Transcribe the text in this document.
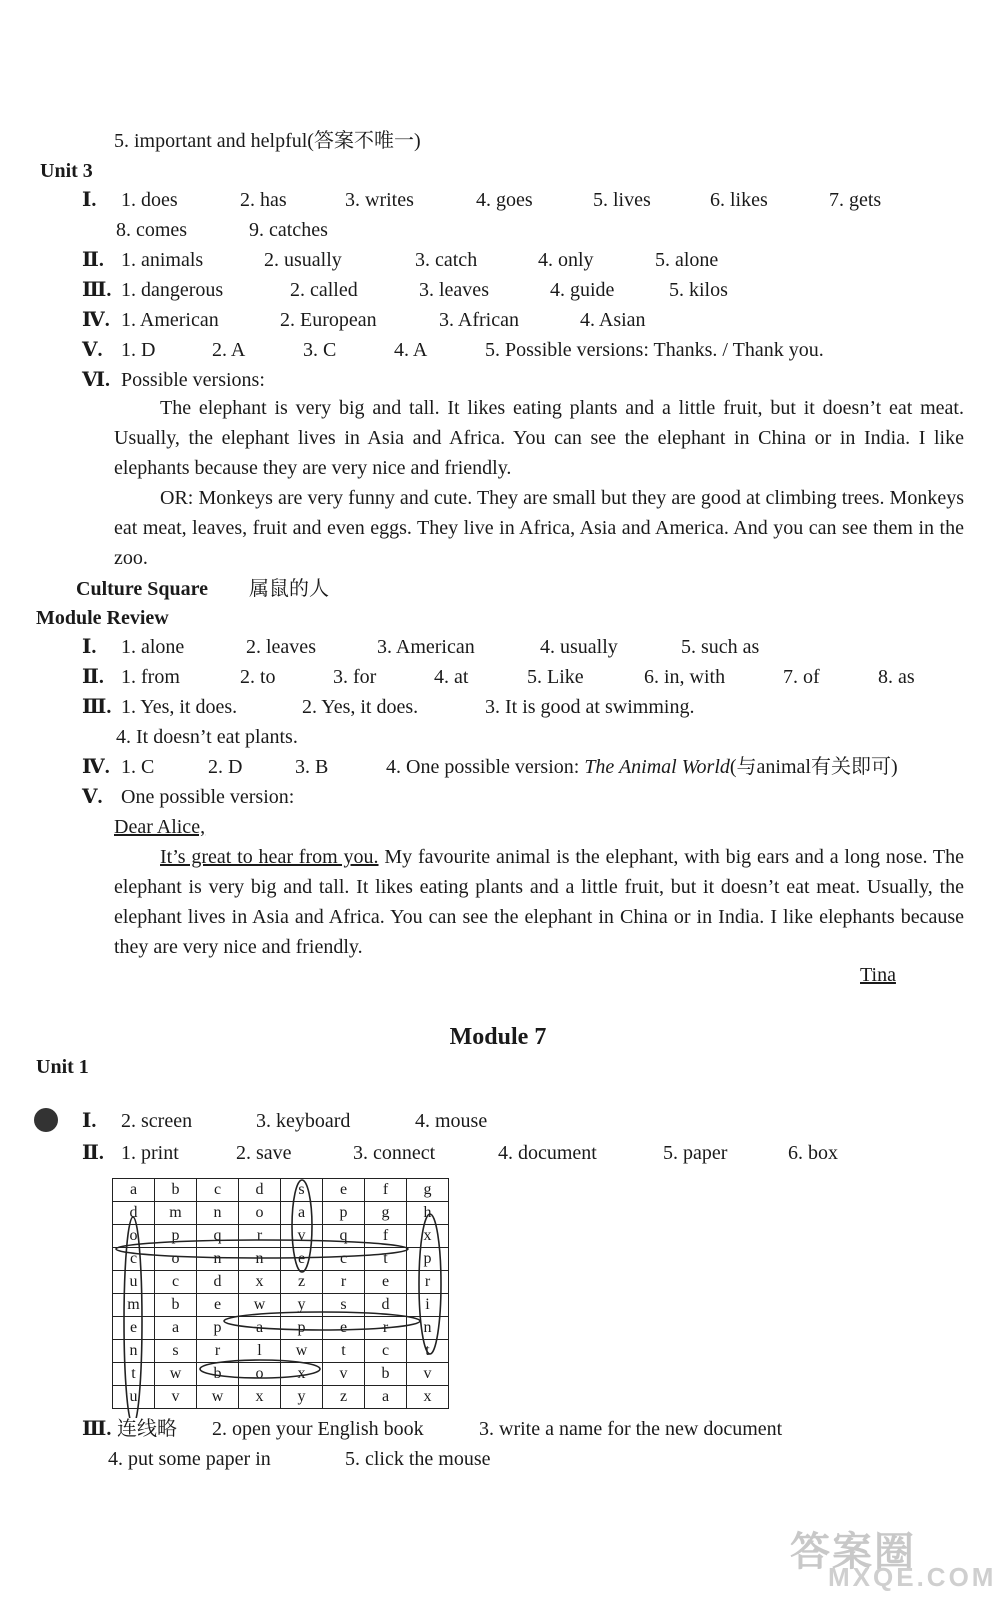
5. important and helpful(答案不唯一)
Unit 3
Ⅰ. 1. does	2. has	3. writes	4. goes	5. lives	6. likes	7. gets
8. comes	9. catches
Ⅱ. 1. animals	2. usually	3. catch	4. only	5. alone
Ⅲ. 1. dangerous	2. called	3. leaves	4. guide	5. kilos
Ⅳ. 1. American	2. European	3. African	4. Asian
Ⅴ. 1. D	2. A	3. C	4. A	5. Possible versions: Thanks. / Thank you.
Ⅵ. Possible versions:

The elephant is very big and tall. It likes eating plants and a little fruit, but it doesn’t eat meat. Usually, the elephant lives in Asia and Africa. You can see the elephant in China or in India. I like elephants because they are very nice and friendly.

OR: Monkeys are very funny and cute. They are small but they are good at climbing trees. Monkeys eat meat, leaves, fruit and even eggs. They live in Africa, Asia and America. And you can see them in the zoo.

Culture Square 属鼠的人
Module Review
Ⅰ. 1. alone	2. leaves	3. American	4. usually	5. such as
Ⅱ. 1. from	2. to	3. for	4. at	5. Like	6. in, with	7. of	8. as
Ⅲ. 1. Yes, it does.	2. Yes, it does.	3. It is good at swimming.
4. It doesn’t eat plants.
Ⅳ. 1. C	2. D	3. B	4. One possible version: The Animal World(与animal有关即可)
Ⅴ. One possible version:
Dear Alice,

It’s great to hear from you. My favourite animal is the elephant, with big ears and a long nose. The elephant is very big and tall. It likes eating plants and a little fruit, but it doesn’t eat meat. Usually, the elephant lives in Asia and Africa. You can see the elephant in China or in India. I like elephants because they are very nice and friendly.

Tina
Module 7
Unit 1
Ⅰ. 2. screen	3. keyboard	4. mouse
Ⅱ. 1. print	2. save	3. connect	4. document	5. paper	6. box
a	b	c	d	s	e	f	g
d	m	n	o	a	p	g	h
o	p	q	r	v	q	f	x
c	o	n	n	e	c	t	p
u	c	d	x	z	r	e	r
m	b	e	w	y	s	d	i
e	a	p	a	p	e	r	n
n	s	r	l	w	t	c	t
t	w	b	o	x	v	b	v
u	v	w	x	y	z	a	x
Ⅲ. 连线略 2. open your English book	3. write a name for the new document
4. put some paper in	5. click the mouse
答案圈
MXQE.COM
